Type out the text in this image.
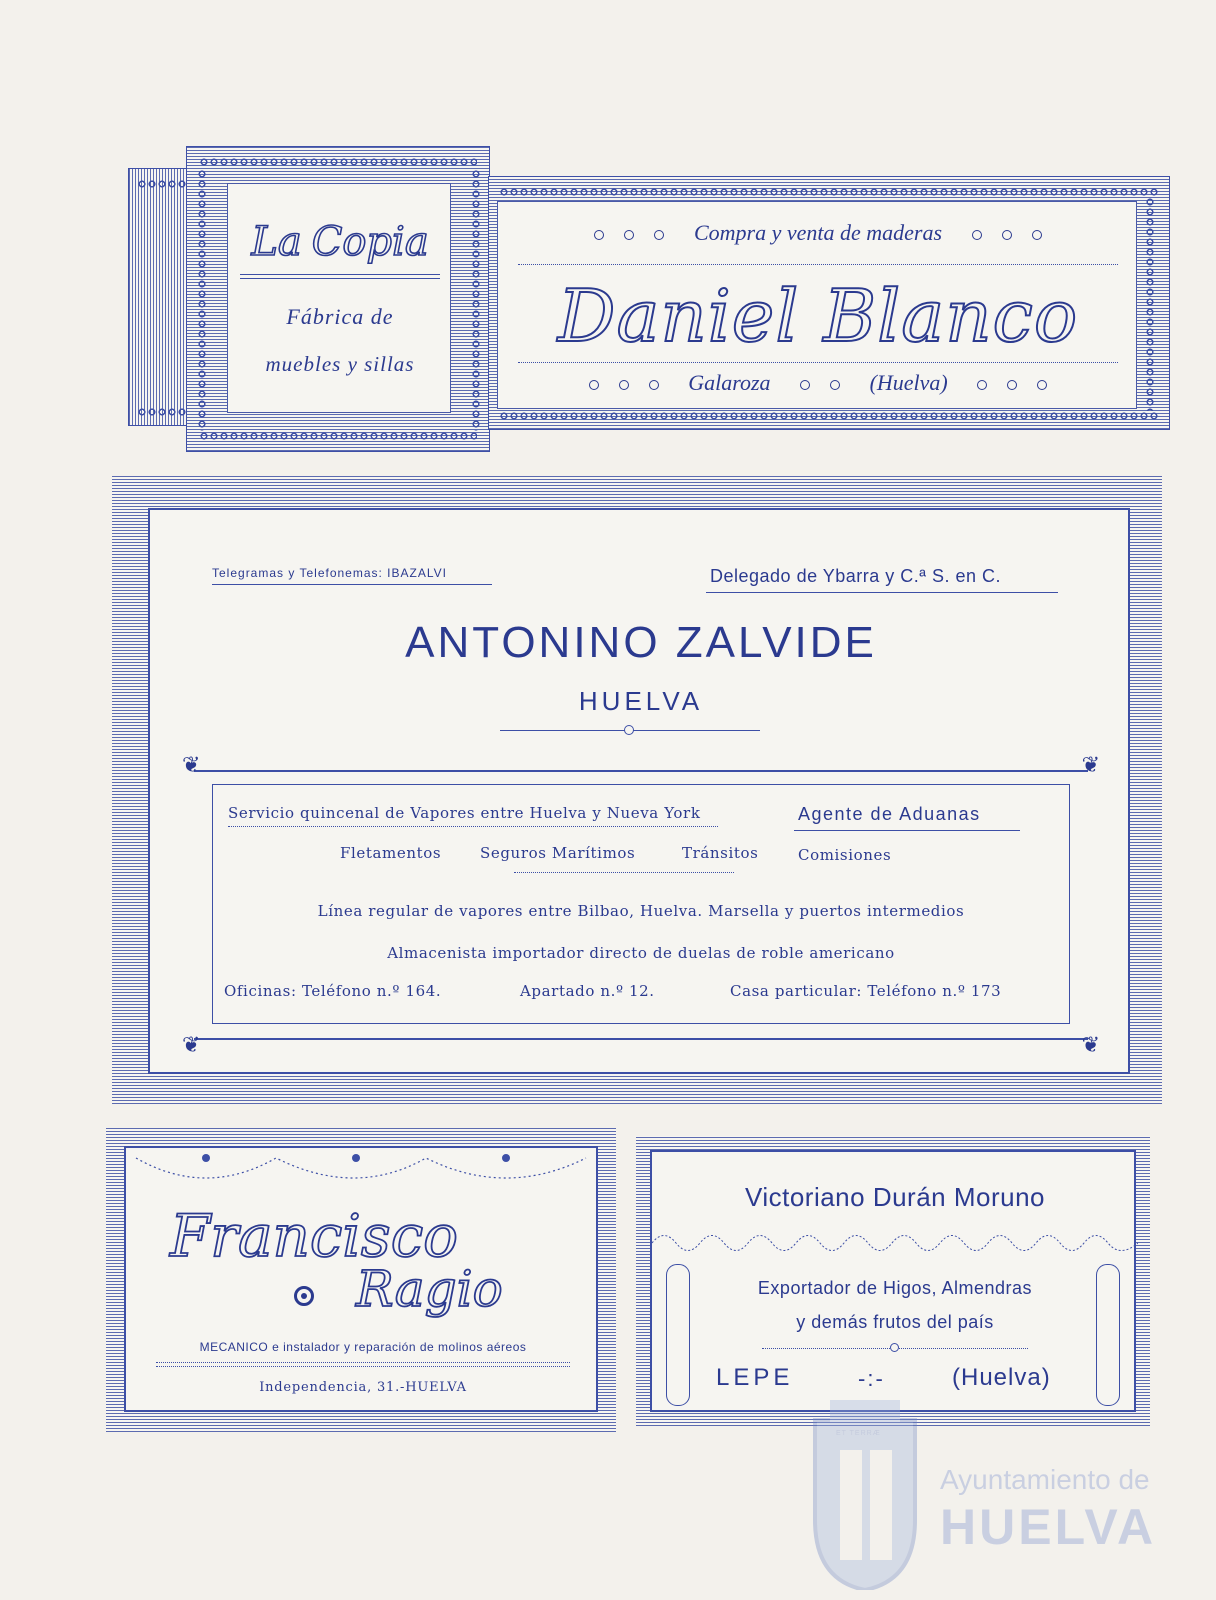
La Copia
Fábrica de
muebles y sillas
Compra y venta de maderas
Daniel Blanco
Galaroza	(Huelva)
Telegramas y Telefonemas: IBAZALVI	Delegado de Ybarra y C.ª S. en C.
ANTONINO ZALVIDE
HUELVA
❦	❦
❦	❦
Servicio quincenal de Vapores entre Huelva y Nueva York	Agente de Aduanas
Fletamentos	Seguros Marítimos	Tránsitos	Comisiones
Línea regular de vapores entre Bilbao, Huelva. Marsella y puertos intermedios
Almacenista importador directo de duelas de roble americano
Oficinas: Teléfono n.º 164.	Apartado n.º 12.	Casa particular: Teléfono n.º 173
Francisco
Ragio
MECANICO e instalador y reparación de molinos aéreos
Independencia, 31.-HUELVA
Victoriano Durán Moruno
Exportador de Higos, Almendras
y demás frutos del país
LEPE	-:-	(Huelva)
ET TERRÆ
Ayuntamiento de
HUELVA
